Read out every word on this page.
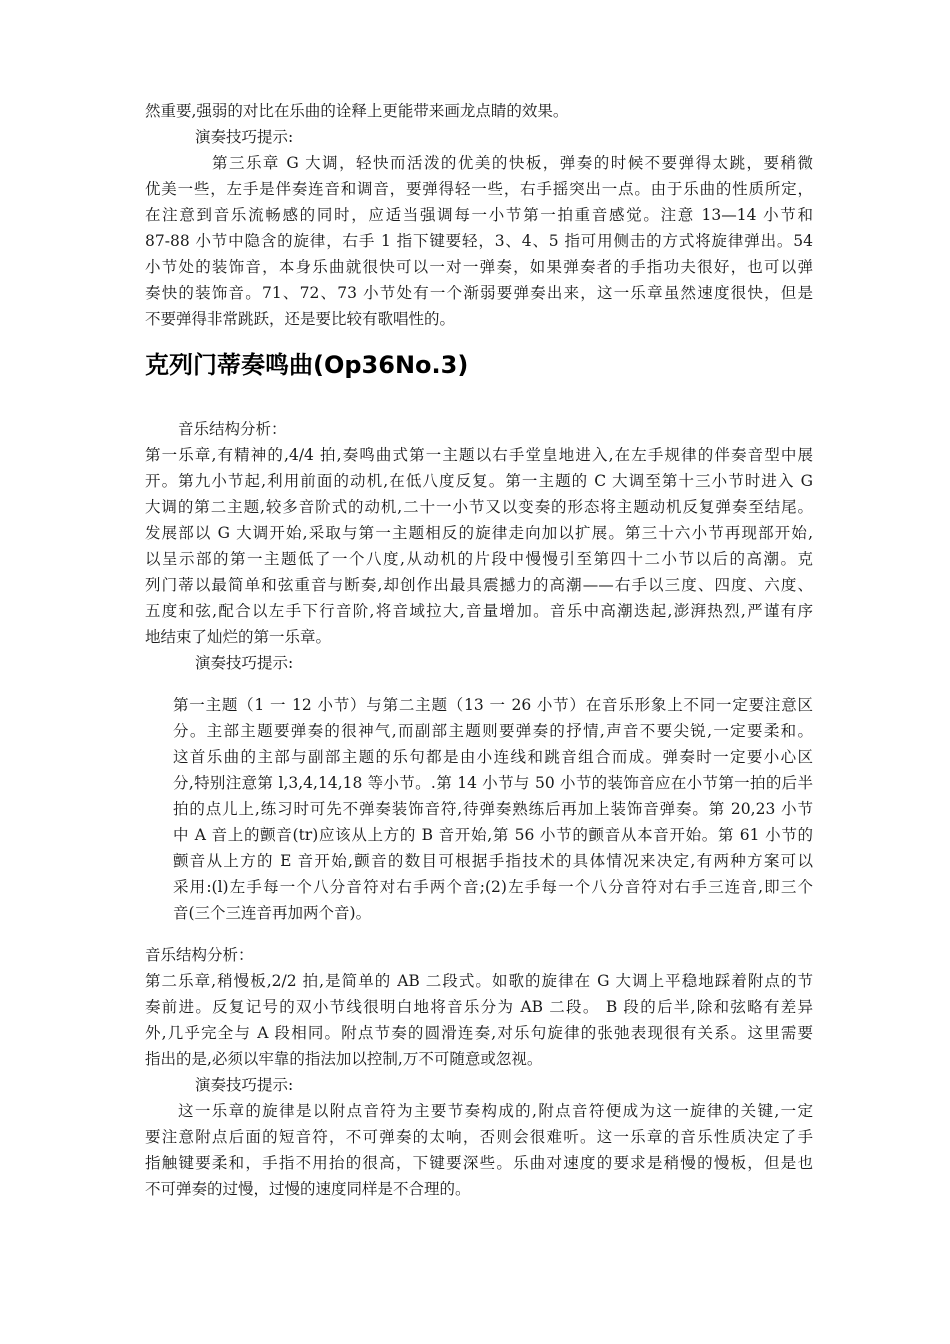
然重要,强弱的对比在乐曲的诠释上更能带来画龙点睛的效果。
演奏技巧提示:
第三乐章 G 大调，轻快而活泼的优美的快板，弹奏的时候不要弹得太跳，要稍微
优美一些，左手是伴奏连音和调音，要弹得轻一些，右手摇突出一点。由于乐曲的性质所定，
在注意到音乐流畅感的同时，应适当强调每一小节第一拍重音感觉。注意 13—14 小节和
87-88 小节中隐含的旋律，右手 1 指下键要轻，3、4、5 指可用侧击的方式将旋律弹出。54
小节处的装饰音，本身乐曲就很快可以一对一弹奏，如果弹奏者的手指功夫很好，也可以弹
奏快的装饰音。71、72、73 小节处有一个渐弱要弹奏出来，这一乐章虽然速度很快，但是
不要弹得非常跳跃，还是要比较有歌唱性的。
克列门蒂奏鸣曲(Op36No.3)
音乐结构分析：
第一乐章,有精神的,4/4 拍,奏鸣曲式第一主题以右手堂皇地进入,在左手规律的伴奏音型中展
开。第九小节起,利用前面的动机,在低八度反复。第一主题的 C 大调至第十三小节时进入 G
大调的第二主题,较多音阶式的动机,二十一小节又以变奏的形态将主题动机反复弹奏至结尾。
发展部以 G 大调开始,采取与第一主题相反的旋律走向加以扩展。第三十六小节再现部开始,
以呈示部的第一主题低了一个八度,从动机的片段中慢慢引至第四十二小节以后的高潮。克
列门蒂以最简单和弦重音与断奏,却创作出最具震撼力的高潮——右手以三度、四度、六度、
五度和弦,配合以左手下行音阶,将音域拉大,音量增加。音乐中高潮迭起,澎湃热烈,严谨有序
地结束了灿烂的第一乐章。
演奏技巧提示:
第一主题（1 一 12 小节）与第二主题（13 一 26 小节）在音乐形象上不同一定要注意区
分。主部主题要弹奏的很神气,而副部主题则要弹奏的抒情,声音不要尖锐,一定要柔和。
这首乐曲的主部与副部主题的乐句都是由小连线和跳音组合而成。弹奏时一定要小心区
分,特别注意第 l,3,4,14,18 等小节。.第 14 小节与 50 小节的装饰音应在小节第一拍的后半
拍的点儿上,练习时可先不弹奏装饰音符,待弹奏熟练后再加上装饰音弹奏。第 20,23 小节
中 A 音上的颤音(tr)应该从上方的 B 音开始,第 56 小节的颤音从本音开始。第 61 小节的
颤音从上方的 E 音开始,颤音的数目可根据手指技术的具体情况来决定,有两种方案可以
采用:(l)左手每一个八分音符对右手两个音;(2)左手每一个八分音符对右手三连音,即三个
音(三个三连音再加两个音)。
音乐结构分析：
第二乐章,稍慢板,2/2 拍,是简单的 AB 二段式。如歌的旋律在 G 大调上平稳地踩着附点的节
奏前进。反复记号的双小节线很明白地将音乐分为 AB 二段。 B 段的后半,除和弦略有差异
外,几乎完全与 A 段相同。附点节奏的圆滑连奏,对乐句旋律的张弛表现很有关系。这里需要
指出的是,必须以牢靠的指法加以控制,万不可随意或忽视。
演奏技巧提示:
这一乐章的旋律是以附点音符为主要节奏构成的,附点音符便成为这一旋律的关键,一定
要注意附点后面的短音符，不可弹奏的太响，否则会很难听。这一乐章的音乐性质决定了手
指触键要柔和，手指不用抬的很高，下键要深些。乐曲对速度的要求是稍慢的慢板，但是也
不可弹奏的过慢，过慢的速度同样是不合理的。
